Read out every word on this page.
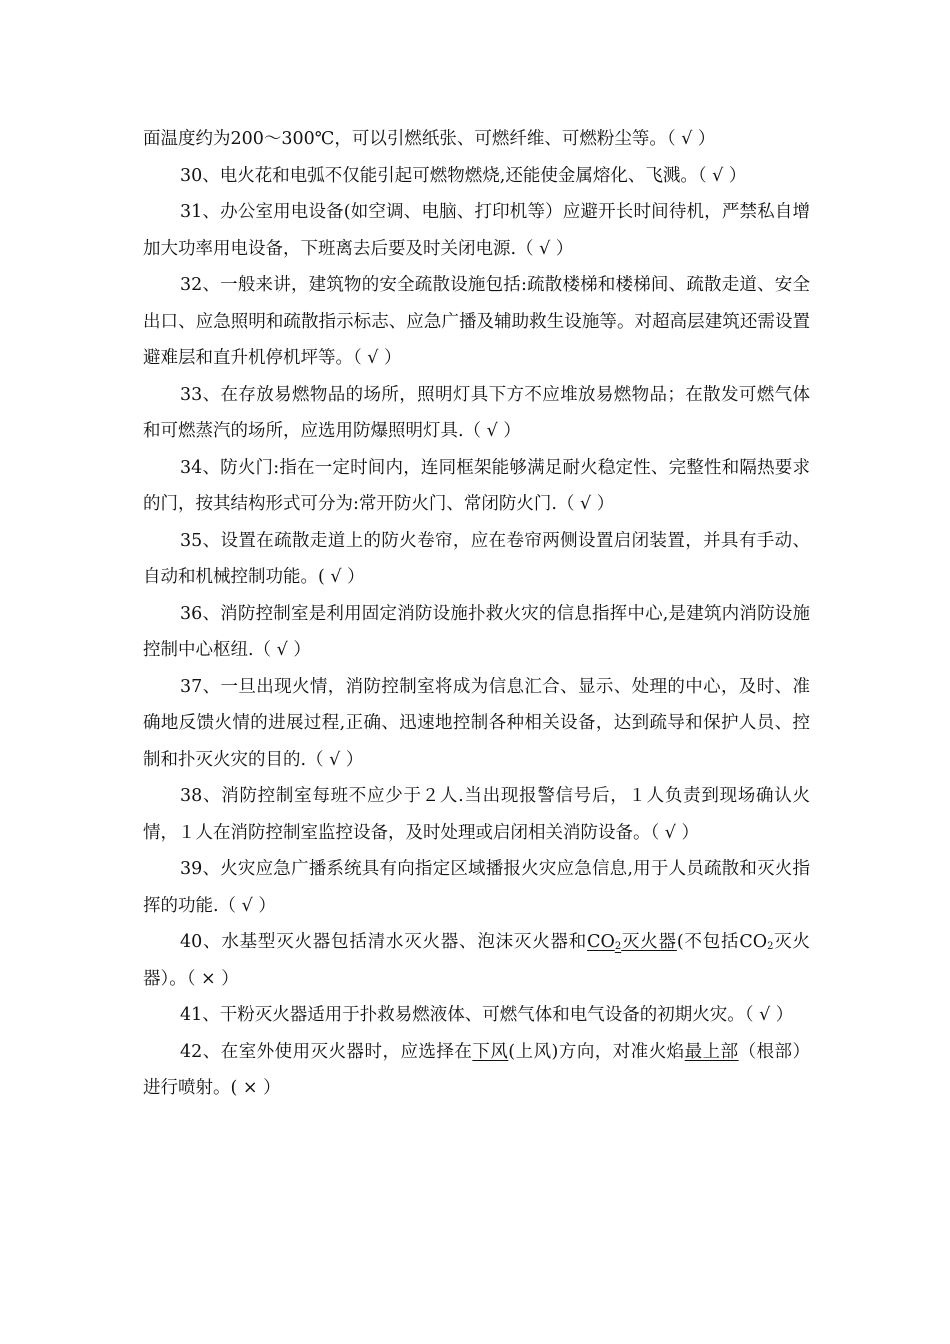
面温度约为200～300℃，可以引燃纸张、可燃纤维、可燃粉尘等。（ √ ）

30、电火花和电弧不仅能引起可燃物燃烧,还能使金属熔化、飞溅。（ √ ）

31、办公室用电设备(如空调、电脑、打印机等）应避开长时间待机，严禁私自增加大功率用电设备，下班离去后要及时关闭电源.（ √ ）

32、一般来讲，建筑物的安全疏散设施包括:疏散楼梯和楼梯间、疏散走道、安全出口、应急照明和疏散指示标志、应急广播及辅助救生设施等。对超高层建筑还需设置避难层和直升机停机坪等。（ √ ）

33、在存放易燃物品的场所，照明灯具下方不应堆放易燃物品；在散发可燃气体和可燃蒸汽的场所，应选用防爆照明灯具.（ √ ）

34、防火门:指在一定时间内，连同框架能够满足耐火稳定性、完整性和隔热要求的门，按其结构形式可分为:常开防火门、常闭防火门.（ √ ）

35、设置在疏散走道上的防火卷帘，应在卷帘两侧设置启闭装置，并具有手动、自动和机械控制功能。( √ ）

36、消防控制室是利用固定消防设施扑救火灾的信息指挥中心,是建筑内消防设施控制中心枢纽.（ √ ）

37、一旦出现火情，消防控制室将成为信息汇合、显示、处理的中心，及时、准确地反馈火情的进展过程,正确、迅速地控制各种相关设备，达到疏导和保护人员、控制和扑灭火灾的目的.（ √ ）

38、消防控制室每班不应少于２人.当出现报警信号后，１人负责到现场确认火情，１人在消防控制室监控设备，及时处理或启闭相关消防设备。（ √ ）

39、火灾应急广播系统具有向指定区域播报火灾应急信息,用于人员疏散和灭火指挥的功能.（ √ ）

40、水基型灭火器包括清水灭火器、泡沫灭火器和$CO_2$灭火器(不包括$CO_2$灭火器）。（ × ）

41、干粉灭火器适用于扑救易燃液体、可燃气体和电气设备的初期火灾。（ √ ）

42、在室外使用灭火器时，应选择在下风(上风)方向，对准火焰最上部（根部）进行喷射。( × ）
